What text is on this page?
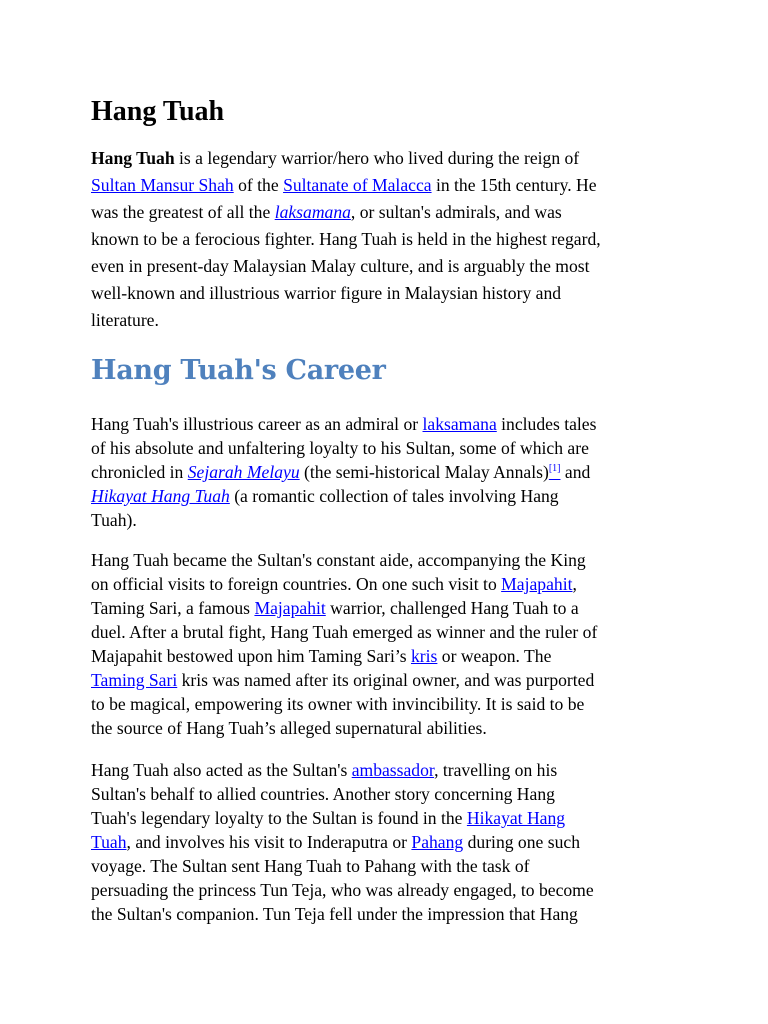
Hang Tuah

Hang Tuah is a legendary warrior/hero who lived during the reign of
Sultan Mansur Shah of the Sultanate of Malacca in the 15th century. He
was the greatest of all the laksamana, or sultan's admirals, and was
known to be a ferocious fighter. Hang Tuah is held in the highest regard,
even in present-day Malaysian Malay culture, and is arguably the most
well-known and illustrious warrior figure in Malaysian history and
literature.

Hang Tuah's Career

Hang Tuah's illustrious career as an admiral or laksamana includes tales
of his absolute and unfaltering loyalty to his Sultan, some of which are
chronicled in Sejarah Melayu (the semi-historical Malay Annals)[1] and
Hikayat Hang Tuah (a romantic collection of tales involving Hang
Tuah).

Hang Tuah became the Sultan's constant aide, accompanying the King
on official visits to foreign countries. On one such visit to Majapahit,
Taming Sari, a famous Majapahit warrior, challenged Hang Tuah to a
duel. After a brutal fight, Hang Tuah emerged as winner and the ruler of
Majapahit bestowed upon him Taming Sari’s kris or weapon. The
Taming Sari kris was named after its original owner, and was purported
to be magical, empowering its owner with invincibility. It is said to be
the source of Hang Tuah’s alleged supernatural abilities.

Hang Tuah also acted as the Sultan's ambassador, travelling on his
Sultan's behalf to allied countries. Another story concerning Hang
Tuah's legendary loyalty to the Sultan is found in the Hikayat Hang
Tuah, and involves his visit to Inderaputra or Pahang during one such
voyage. The Sultan sent Hang Tuah to Pahang with the task of
persuading the princess Tun Teja, who was already engaged, to become
the Sultan's companion. Tun Teja fell under the impression that Hang
